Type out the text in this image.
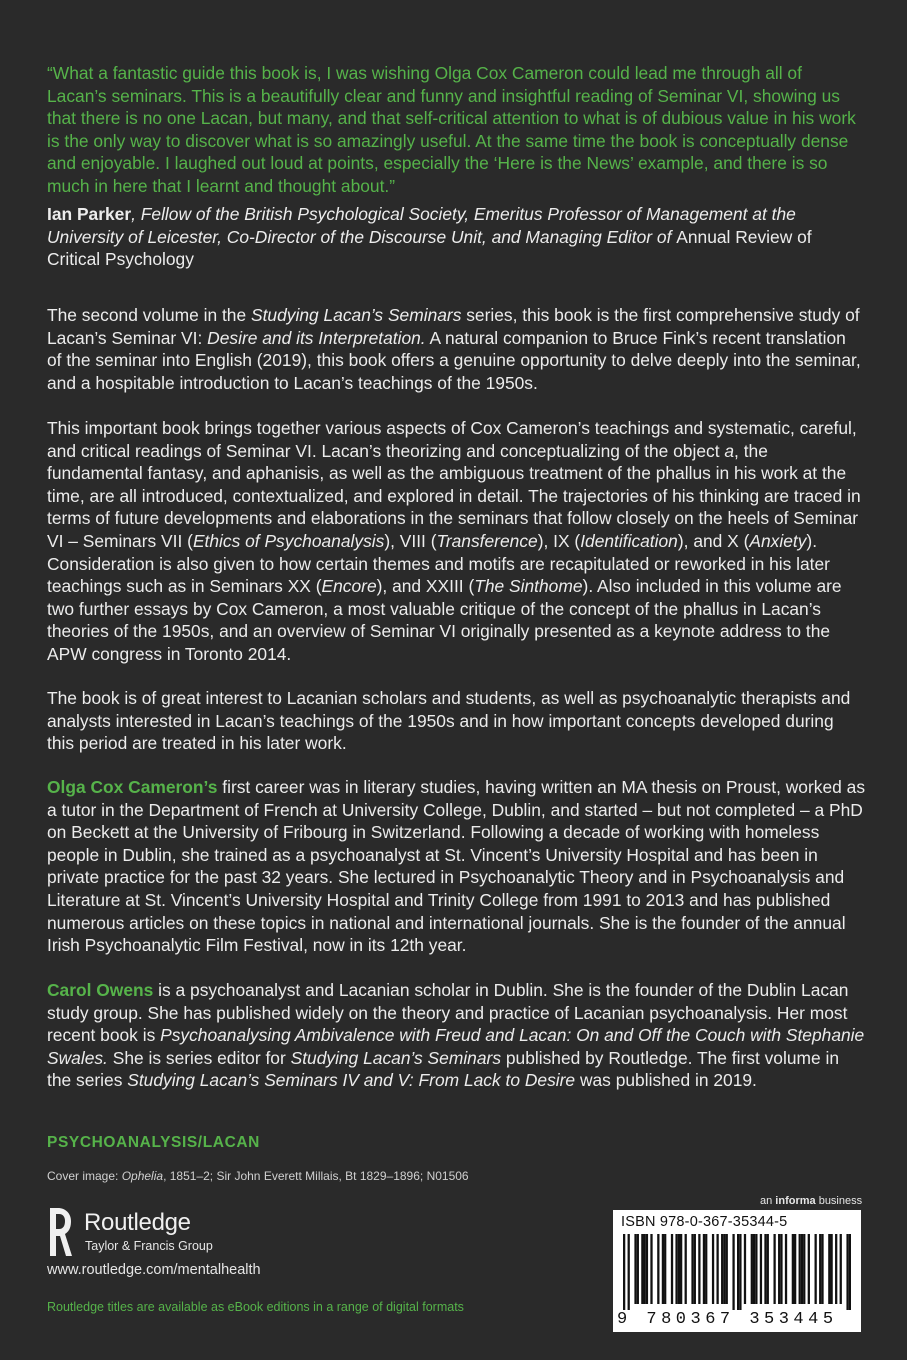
“What a fantastic guide this book is, I was wishing Olga Cox Cameron could lead me through all of Lacan’s seminars. This is a beautifully clear and funny and insightful reading of Seminar VI, showing us that there is no one Lacan, but many, and that self-critical attention to what is of dubious value in his work is the only way to discover what is so amazingly useful. At the same time the book is conceptually dense and enjoyable. I laughed out loud at points, especially the ‘Here is the News’ example, and there is so much in here that I learnt and thought about.”
Ian Parker, Fellow of the British Psychological Society, Emeritus Professor of Management at the University of Leicester, Co-Director of the Discourse Unit, and Managing Editor of Annual Review of Critical Psychology

The second volume in the Studying Lacan’s Seminars series, this book is the first comprehensive study of Lacan’s Seminar VI: Desire and its Interpretation. A natural companion to Bruce Fink’s recent translation of the seminar into English (2019), this book offers a genuine opportunity to delve deeply into the seminar, and a hospitable introduction to Lacan’s teachings of the 1950s.

This important book brings together various aspects of Cox Cameron’s teachings and systematic, careful, and critical readings of Seminar VI. Lacan’s theorizing and conceptualizing of the object a, the fundamental fantasy, and aphanisis, as well as the ambiguous treatment of the phallus in his work at the time, are all introduced, contextualized, and explored in detail. The trajectories of his thinking are traced in terms of future developments and elaborations in the seminars that follow closely on the heels of Seminar VI – Seminars VII (Ethics of Psychoanalysis), VIII (Transference), IX (Identification), and X (Anxiety). Consideration is also given to how certain themes and motifs are recapitulated or reworked in his later teachings such as in Seminars XX (Encore), and XXIII (The Sinthome). Also included in this volume are two further essays by Cox Cameron, a most valuable critique of the concept of the phallus in Lacan’s theories of the 1950s, and an overview of Seminar VI originally presented as a keynote address to the APW congress in Toronto 2014.

The book is of great interest to Lacanian scholars and students, as well as psychoanalytic therapists and analysts interested in Lacan’s teachings of the 1950s and in how important concepts developed during this period are treated in his later work.

Olga Cox Cameron’s first career was in literary studies, having written an MA thesis on Proust, worked as a tutor in the Department of French at University College, Dublin, and started – but not completed – a PhD on Beckett at the University of Fribourg in Switzerland. Following a decade of working with homeless people in Dublin, she trained as a psychoanalyst at St. Vincent’s University Hospital and has been in private practice for the past 32 years. She lectured in Psychoanalytic Theory and in Psychoanalysis and Literature at St. Vincent’s University Hospital and Trinity College from 1991 to 2013 and has published numerous articles on these topics in national and international journals. She is the founder of the annual Irish Psychoanalytic Film Festival, now in its 12th year.

Carol Owens is a psychoanalyst and Lacanian scholar in Dublin. She is the founder of the Dublin Lacan study group. She has published widely on the theory and practice of Lacanian psychoanalysis. Her most recent book is Psychoanalysing Ambivalence with Freud and Lacan: On and Off the Couch with Stephanie Swales. She is series editor for Studying Lacan’s Seminars published by Routledge. The first volume in the series Studying Lacan’s Seminars IV and V: From Lack to Desire was published in 2019.

PSYCHOANALYSIS/LACAN
Cover image: Ophelia, 1851–2; Sir John Everett Millais, Bt 1829–1896; N01506
Routledge
Taylor & Francis Group
www.routledge.com/mentalhealth
Routledge titles are available as eBook editions in a range of digital formats
an informa business
ISBN 978-0-367-35344-5
9 780367 353445
